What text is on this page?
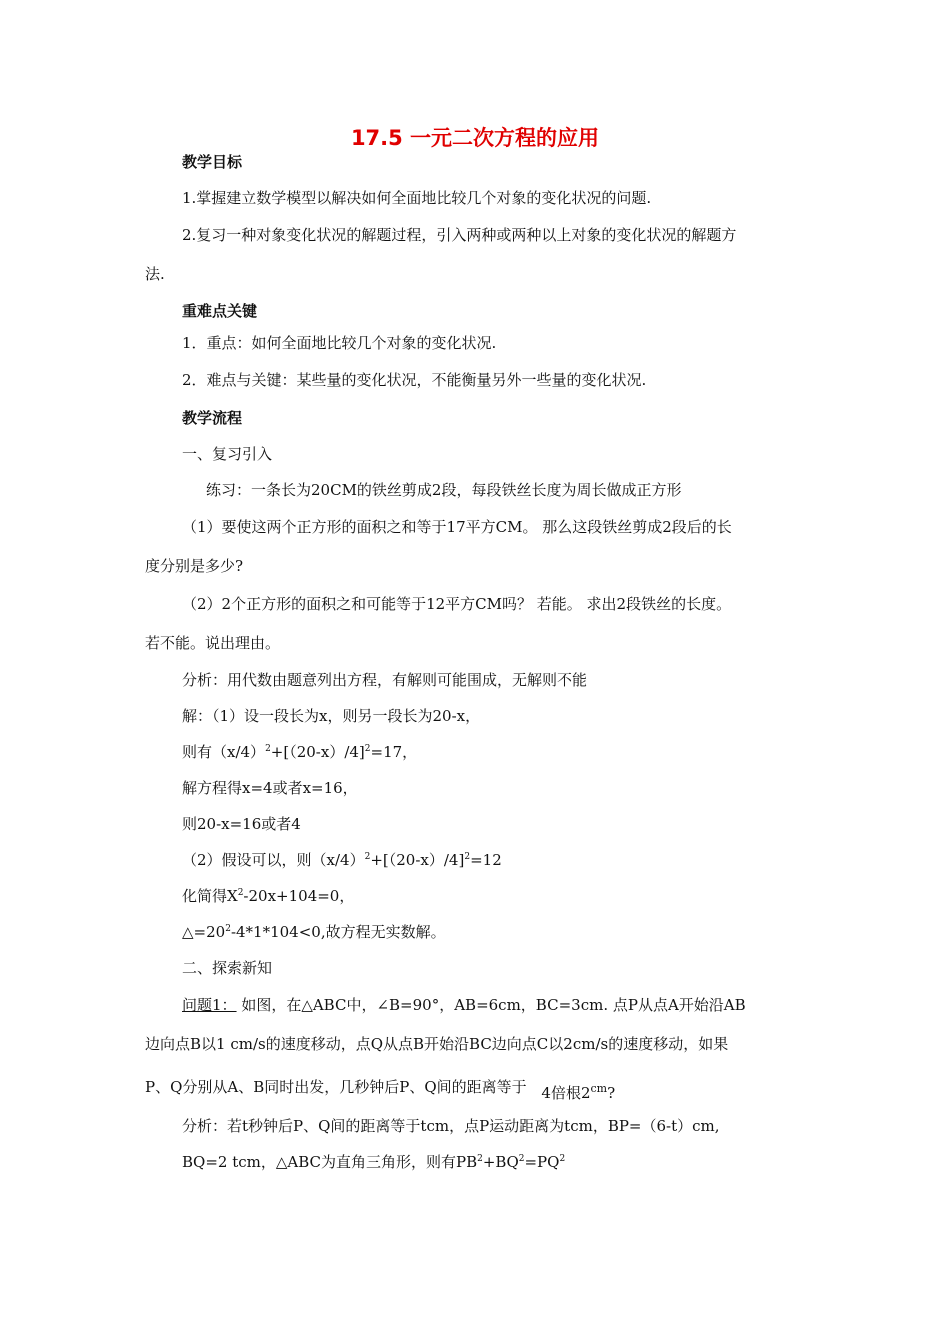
17.5 一元二次方程的应用
教学目标
1.掌握建立数学模型以解决如何全面地比较几个对象的变化状况的问题.
2.复习一种对象变化状况的解题过程，引入两种或两种以上对象的变化状况的解题方
法.
重难点关键
1．重点：如何全面地比较几个对象的变化状况.
2．难点与关键：某些量的变化状况，不能衡量另外一些量的变化状况.
教学流程
一、复习引入
练习：一条长为20CM的铁丝剪成2段，每段铁丝长度为周长做成正方形
（1）要使这两个正方形的面积之和等于17平方CM。 那么这段铁丝剪成2段后的长
度分别是多少?
（2）2个正方形的面积之和可能等于12平方CM吗？ 若能。 求出2段铁丝的长度。
若不能。说出理由。
分析：用代数由题意列出方程，有解则可能围成，无解则不能
解：（1）设一段长为x，则另一段长为20-x，
则有$(x/4)^2+[(20-x)/4]^2=17$，
解方程得x=4或者x=16，
则20-x=16或者4
（2）假设可以，则$(x/4)^2+[(20-x)/4]^2=12$
化简得$X^2-20x+104=0$，
$\triangle=20^2-4*1*104<0$,故方程无实数解。
二、探索新知
问题1： 如图，在△ABC中，∠B=90°，AB=6cm，BC=3cm. 点P从点A开始沿AB
边向点B以1 cm/s的速度移动，点Q从点B开始沿BC边向点C以2cm/s的速度移动，如果
P、Q分别从A、B同时出发，几秒钟后P、Q间的距离等于 4倍根2cm?
分析：若t秒钟后P、Q间的距离等于tcm，点P运动距离为tcm，BP=（6-t）cm,
BQ=2 tcm，△ABC为直角三角形，则有$PB^2+BQ^2=PQ^2$
